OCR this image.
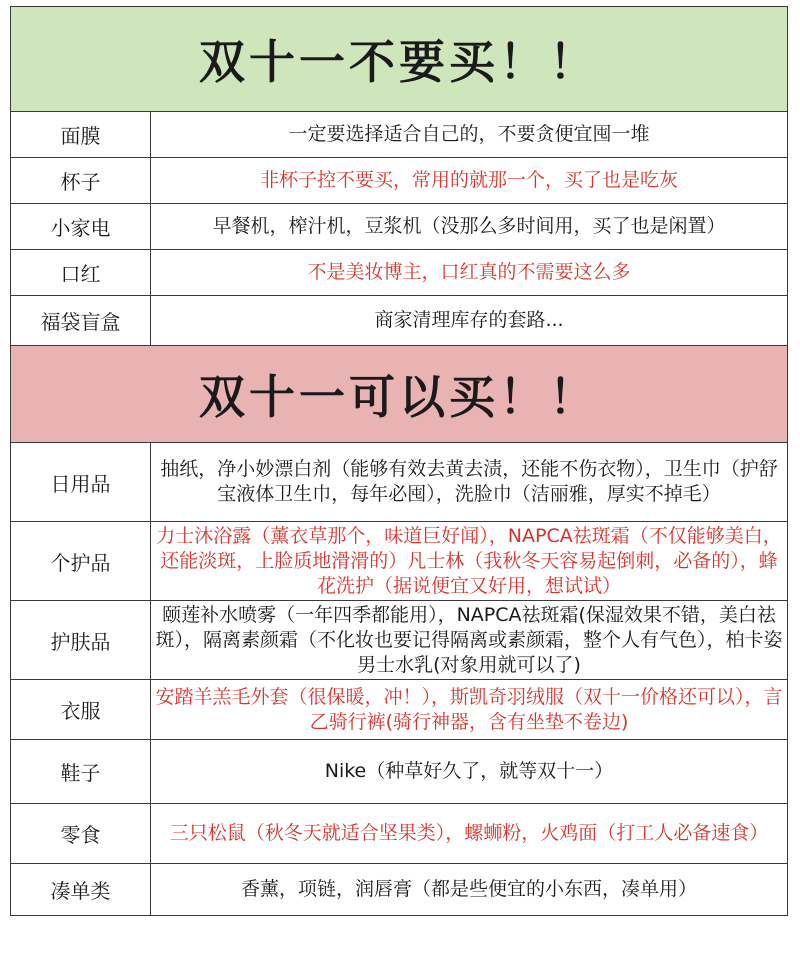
双十一不要买！！	
面膜	一定要选择适合自己的，不要贪便宜囤一堆
杯子	非杯子控不要买，常用的就那一个，买了也是吃灰
小家电	早餐机，榨汁机，豆浆机（没那么多时间用，买了也是闲置）
口红	不是美妆博主，口红真的不需要这么多
福袋盲盒	商家清理库存的套路...
双十一可以买！！	
日用品	抽纸，净小妙漂白剂（能够有效去黄去渍，还能不伤衣物），卫生巾（护舒宝液体卫生巾，每年必囤），洗脸巾（洁丽雅，厚实不掉毛）
个护品	力士沐浴露（薰衣草那个，味道巨好闻），NAPCA祛斑霜（不仅能够美白，还能淡斑，上脸质地滑滑的）凡士林（我秋冬天容易起倒刺，必备的），蜂花洗护（据说便宜又好用，想试试）
护肤品	颐莲补水喷雾（一年四季都能用），NAPCA祛斑霜(保湿效果不错，美白祛斑），隔离素颜霜（不化妆也要记得隔离或素颜霜，整个人有气色），柏卡姿男士水乳(对象用就可以了)
衣服	安踏羊羔毛外套（很保暖，冲！），斯凯奇羽绒服（双十一价格还可以），言乙骑行裤(骑行神器，含有坐垫不卷边)
鞋子	Nike（种草好久了，就等双十一）
零食	三只松鼠（秋冬天就适合坚果类），螺蛳粉，火鸡面（打工人必备速食）
凑单类	香薰，项链，润唇膏（都是些便宜的小东西，凑单用）
